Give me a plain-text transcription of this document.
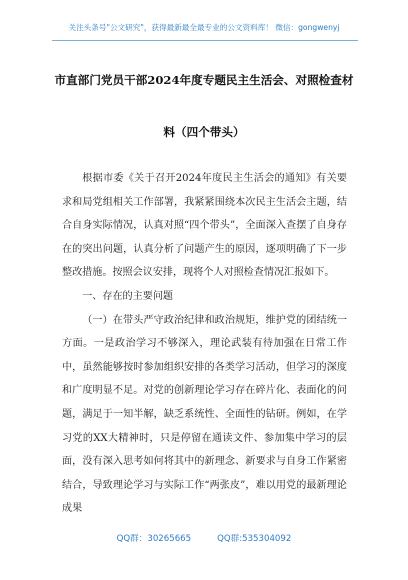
关注头条号"公文研究"，获得最新最全最专业的公文资料库！ 微信：gongwenyj
市直部门党员干部2024年度专题民主生活会、对照检查材
料（四个带头）

根据市委《关于召开2024年度民主生活会的通知》有关要求和局党组相关工作部署，我紧紧围绕本次民主生活会主题，结合自身实际情况，认真对照“四个带头”，全面深入查摆了自身存在的突出问题，认真分析了问题产生的原因，逐项明确了下一步整改措施。按照会议安排，现将个人对照检查情况汇报如下。

一、存在的主要问题

（一）在带头严守政治纪律和政治规矩，维护党的团结统一方面。一是政治学习不够深入，理论武装有待加强在日常工作中，虽然能够按时参加组织安排的各类学习活动，但学习的深度和广度明显不足。对党的创新理论学习存在碎片化、表面化的问题，满足于一知半解，缺乏系统性、全面性的钻研。例如，在学习党的XX大精神时，只是停留在通读文件、参加集中学习的层面，没有深入思考如何将其中的新理念、新要求与自身工作紧密结合，导致理论学习与实际工作“两张皮”，难以用党的最新理论成果

QQ群：30265665	QQ群:535304092
